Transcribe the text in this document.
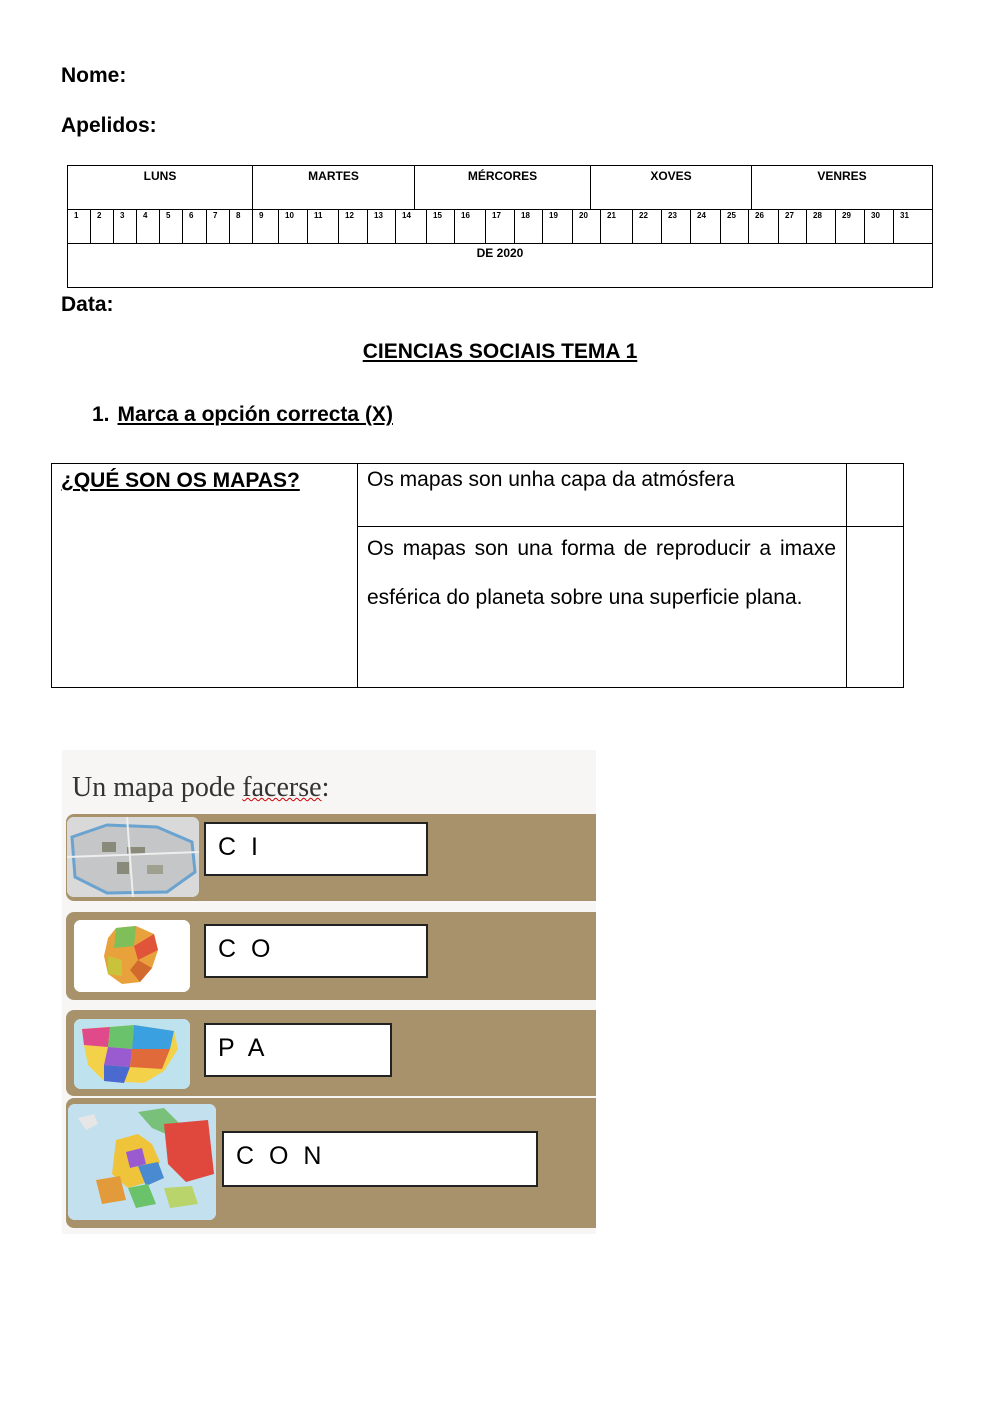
Nome:
Apelidos:
LUNS	MARTES	MÉRCORES	XOVES	VENRES
1	2	3	4	5	6	7	8	9	10	11	12	13	14	15	16	17	18	19	20	21	22	23	24	25	26	27	28	29	30	31
DE 2020
Data:
CIENCIAS SOCIAIS TEMA 1
1. Marca a opción correcta (X)
¿QUÉ SON OS MAPAS?	Os mapas son unha capa da atmósfera

Os mapas son una forma de reproducir a imaxe esférica do planeta sobre una superficie plana.

Un mapa pode facerse:
C I
C O
P A
C O N
